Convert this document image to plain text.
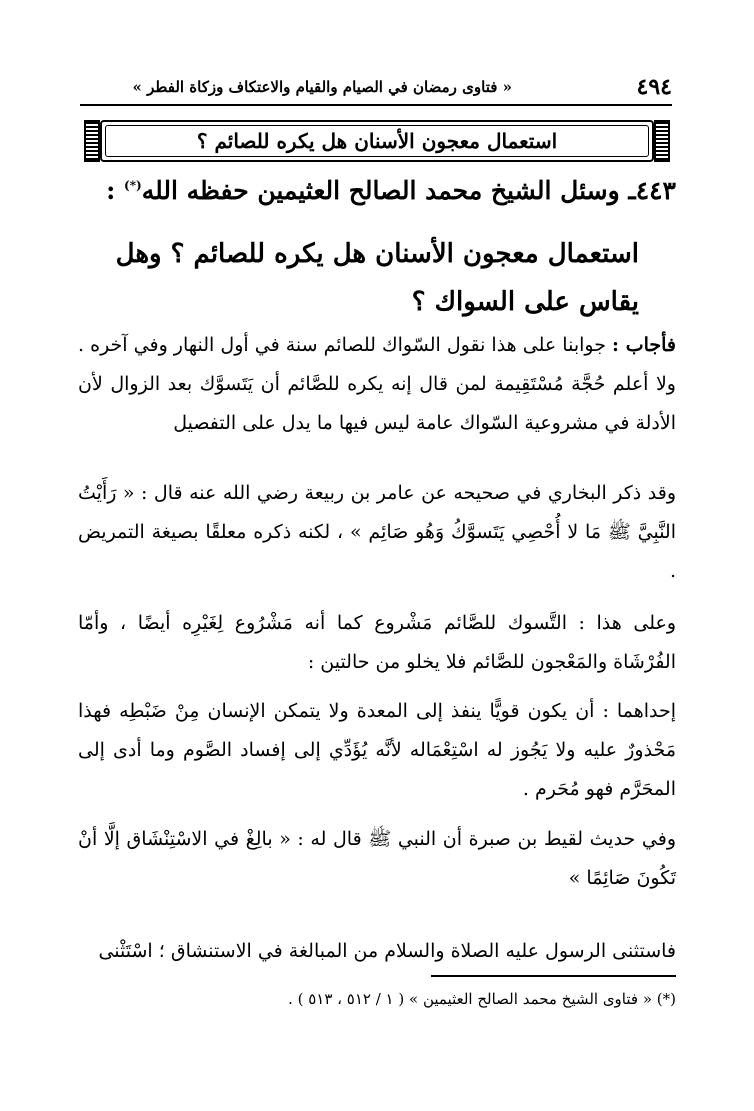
٤٩٤
« فتاوى رمضان في الصيام والقيام والاعتكاف وزكاة الفطر »
استعمال معجون الأسنان هل يكره للصائم ؟
٤٤٣ـ وسئل الشيخ محمد الصالح العثيمين حفظه الله(*) :
استعمال معجون الأسنان هل يكره للصائم ؟ وهل يقاس على السواك ؟
فأجاب : جوابنا على هذا نقول السّواك للصائم سنة في أول النهار وفي آخره . ولا أعلم حُجَّة مُسْتَقِيمة لمن قال إنه يكره للصَّائم أن يَتَسوَّك بعد الزوال لأن الأدلة في مشروعية السّواك عامة ليس فيها ما يدل على التفصيل
وقد ذكر البخاري في صحيحه عن عامر بن ربيعة رضي الله عنه قال : « رَأَيْتُ النَّبِيَّ ﷺ مَا لا أُحْصِي يَتَسوَّكُ وَهُو صَائِم » ، لكنه ذكره معلقًا بصيغة التمريض .
وعلى هذا : التَّسوك للصَّائم مَشْروع كما أنه مَشْرُوع لِغَيْرِه أيضًا ، وأمّا الفُرْشَاة والمَعْجون للصَّائم فلا يخلو من حالتين :
إحداهما : أن يكون قويًّا ينفذ إلى المعدة ولا يتمكن الإنسان مِنْ ضَبْطِه فهذا مَحْذورٌ عليه ولا يَجُوز له اسْتِعْمَاله لأنَّه يُؤَدِّي إلى إفساد الصَّوم وما أدى إلى المحَرَّم فهو مُحَرم .
وفي حديث لقيط بن صبرة أن النبي ﷺ قال له : « بالِغْ في الاسْتِنْشَاق إلَّا أنْ تَكُونَ صَائِمًا »
فاستثنى الرسول عليه الصلاة والسلام من المبالغة في الاستنشاق ؛ اسْتَثْنى
(*) « فتاوى الشيخ محمد الصالح العثيمين » ( ١ / ٥١٢ ، ٥١٣ ) .
